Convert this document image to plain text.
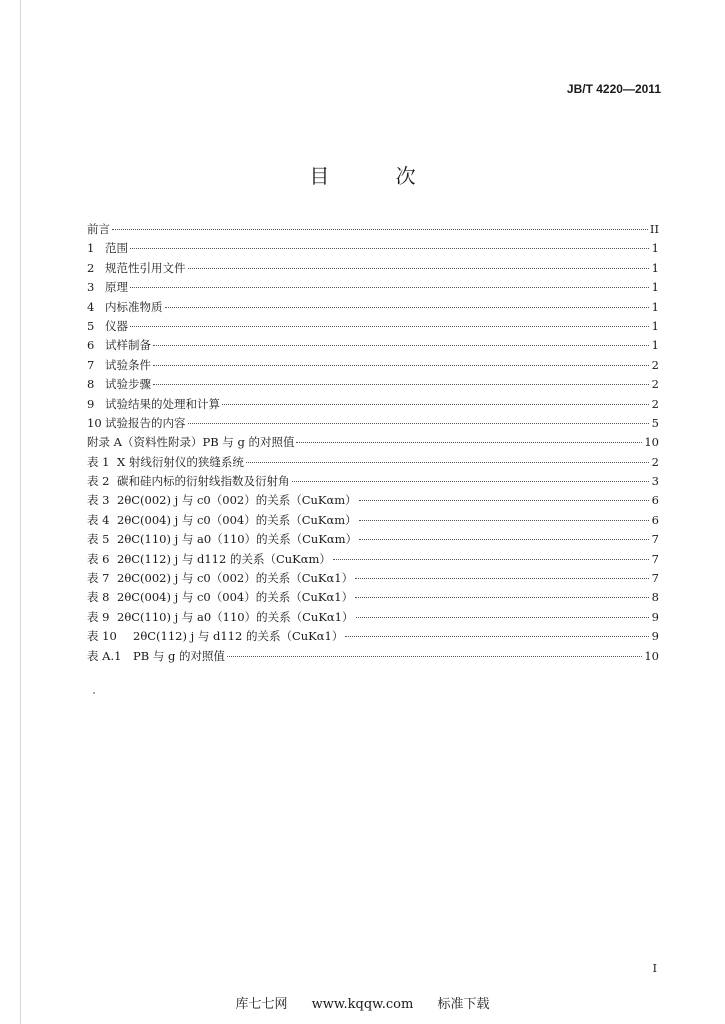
JB/T 4220—2011
目 次
前言	II
1 范围	1
2 规范性引用文件	1
3 原理	1
4 内标准物质	1
5 仪器	1
6 试样制备	1
7 试验条件	2
8 试验步骤	2
9 试验结果的处理和计算	2
10 试验报告的内容	5
附录 A（资料性附录）PB 与 g 的对照值	10
表 1 X 射线衍射仪的狭缝系统	2
表 2 碳和硅内标的衍射线指数及衍射角	3
表 3 2θC(002) j 与 c0（002）的关系（CuKαm）	6
表 4 2θC(004) j 与 c0（004）的关系（CuKαm）	6
表 5 2θC(110) j 与 a0（110）的关系（CuKαm）	7
表 6 2θC(112) j 与 d112 的关系（CuKαm）	7
表 7 2θC(002) j 与 c0（002）的关系（CuKα1）	7
表 8 2θC(004) j 与 c0（004）的关系（CuKα1）	8
表 9 2θC(110) j 与 a0（110）的关系（CuKα1）	9
表 10	2θC(112) j 与 d112 的关系（CuKα1）	9
表 A.1	PB 与 g 的对照值	10
I
库七七网 www.kqqw.com 标准下载
